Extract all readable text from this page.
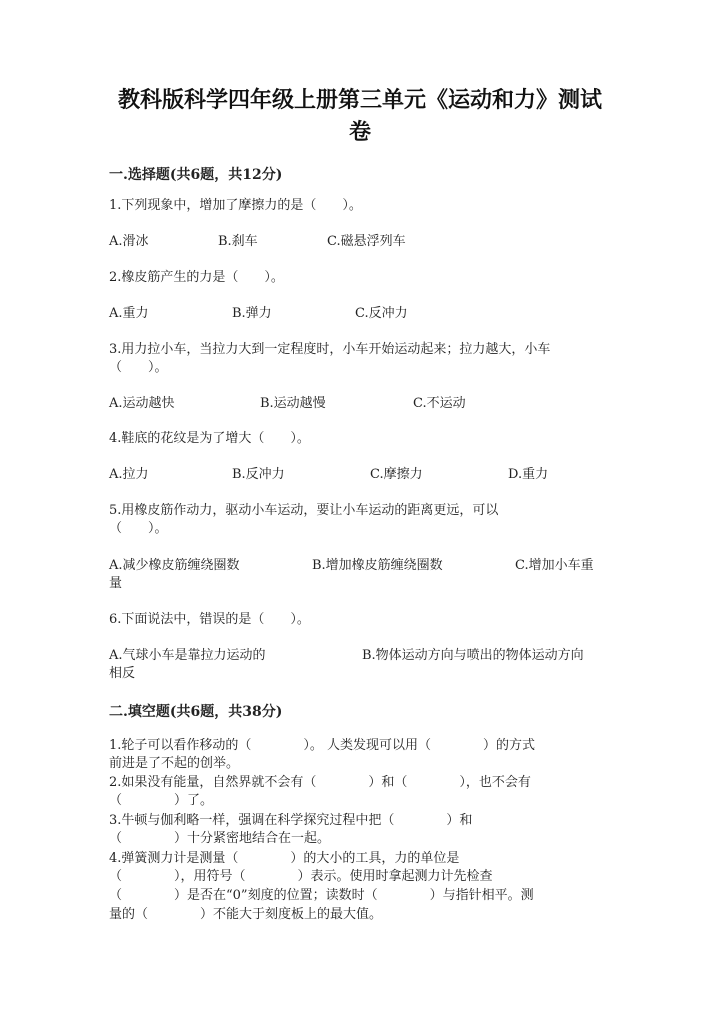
教科版科学四年级上册第三单元《运动和力》测试
卷
一.选择题(共6题，共12分)
1.下列现象中，增加了摩擦力的是（　　）。
A.滑冰	B.刹车	C.磁悬浮列车
2.橡皮筋产生的力是（　　）。
A.重力	B.弹力	C.反冲力
3.用力拉小车，当拉力大到一定程度时，小车开始运动起来；拉力越大，小车
（　　）。
A.运动越快	B.运动越慢	C.不运动
4.鞋底的花纹是为了增大（　　）。
A.拉力	B.反冲力	C.摩擦力	D.重力
5.用橡皮筋作动力，驱动小车运动，要让小车运动的距离更远，可以
（　　）。
A.减少橡皮筋缠绕圈数	B.增加橡皮筋缠绕圈数	C.增加小车重
量
6.下面说法中，错误的是（　　）。
A.气球小车是靠拉力运动的	B.物体运动方向与喷出的物体运动方向
相反
二.填空题(共6题，共38分)
1.轮子可以看作移动的（　　　　）。 人类发现可以用（　　　　）的方式
前进是了不起的创举。
2.如果没有能量，自然界就不会有（　　　　）和（　　　　），也不会有
（　　　　）了。
3.牛顿与伽利略一样，强调在科学探究过程中把（　　　　）和
（　　　　）十分紧密地结合在一起。
4.弹簧测力计是测量（　　　　）的大小的工具，力的单位是
（　　　　），用符号（　　　　）表示。使用时拿起测力计先检查
（　　　　）是否在“0”刻度的位置；读数时（　　　　）与指针相平。测
量的（　　　　）不能大于刻度板上的最大值。
